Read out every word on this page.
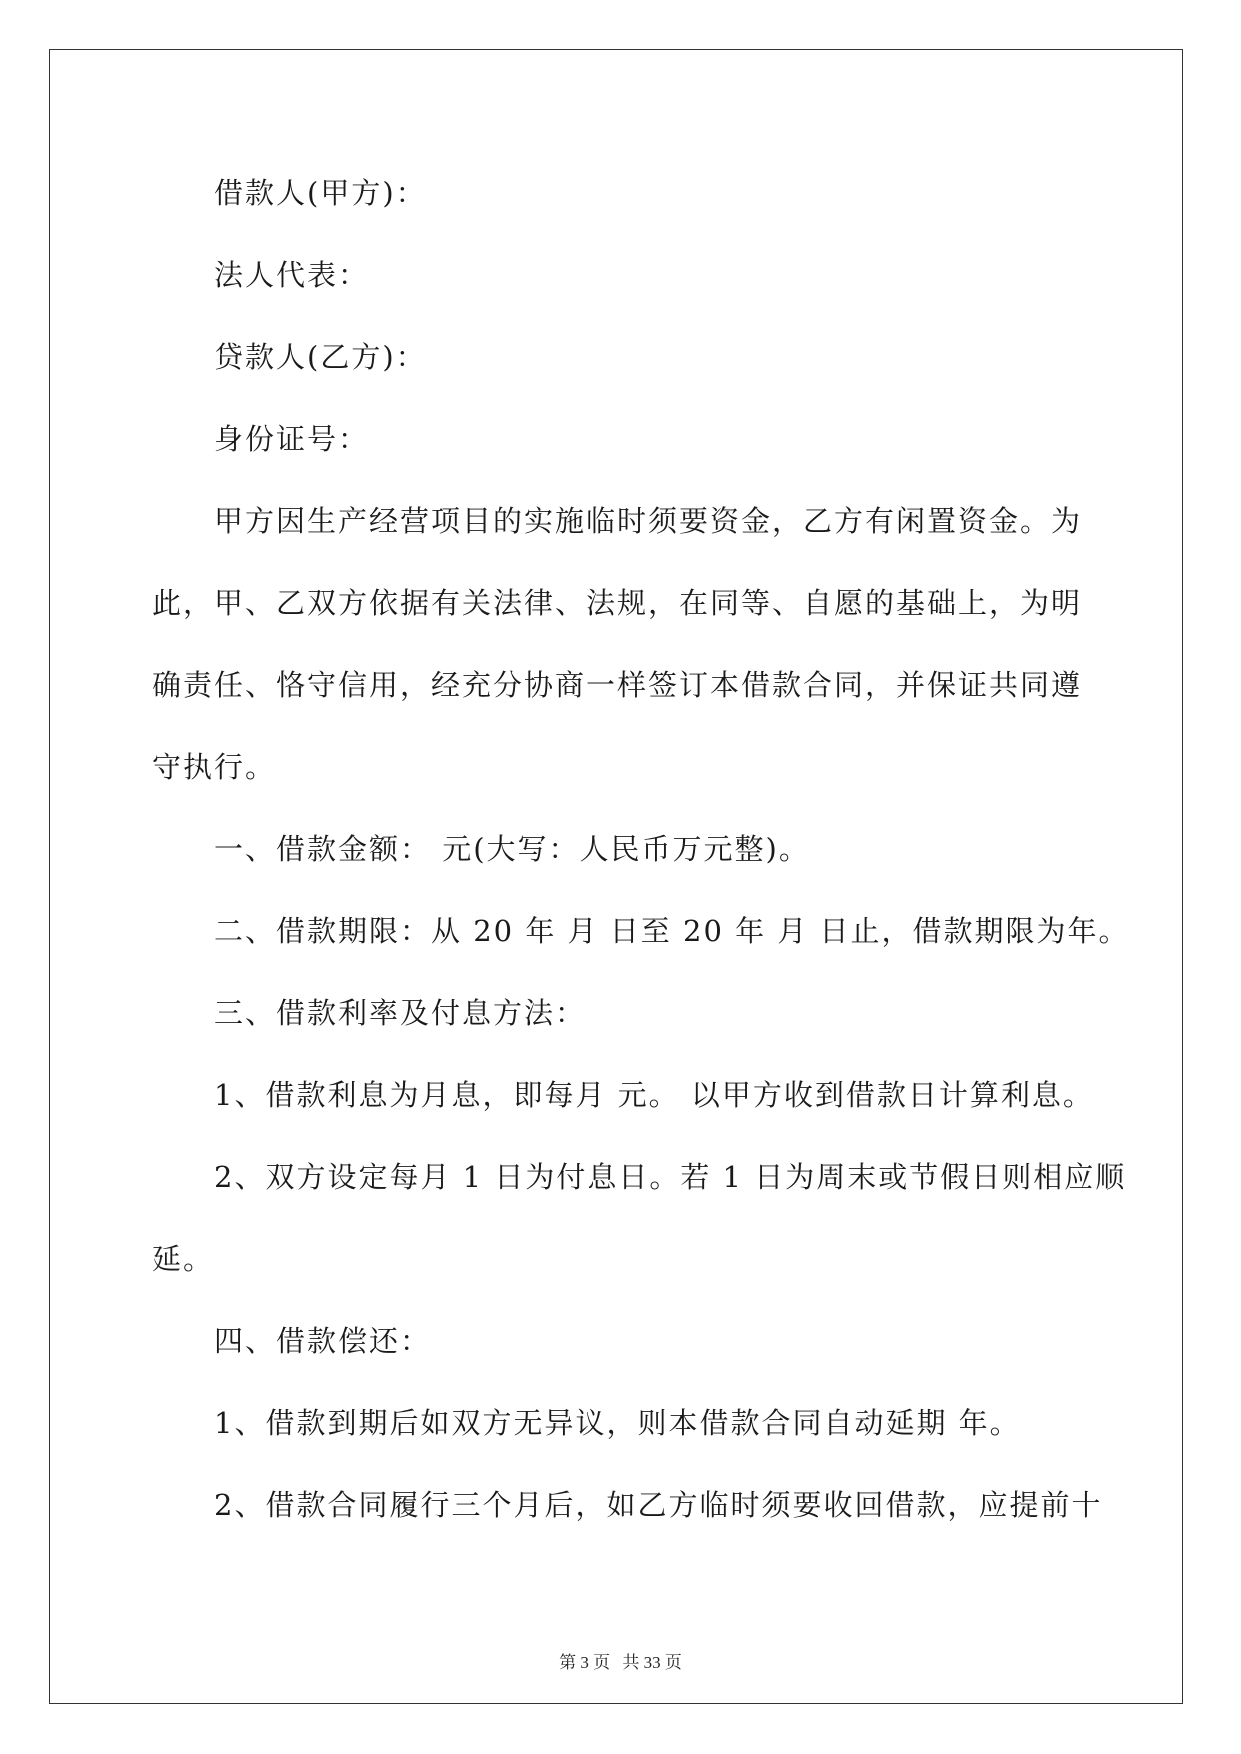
借款人(甲方)：
法人代表：
贷款人(乙方)：
身份证号：
甲方因生产经营项目的实施临时须要资金，乙方有闲置资金。为
此，甲、乙双方依据有关法律、法规，在同等、自愿的基础上，为明
确责任、恪守信用，经充分协商一样签订本借款合同，并保证共同遵
守执行。
一、借款金额： 元(大写：人民币万元整)。
二、借款期限：从 20 年 月 日至 20 年 月 日止，借款期限为年。
三、借款利率及付息方法：
1、借款利息为月息，即每月 元。 以甲方收到借款日计算利息。
2、双方设定每月 1 日为付息日。若 1 日为周末或节假日则相应顺
延。
四、借款偿还：
1、借款到期后如双方无异议，则本借款合同自动延期 年。
2、借款合同履行三个月后，如乙方临时须要收回借款，应提前十
第 3 页 共 33 页
